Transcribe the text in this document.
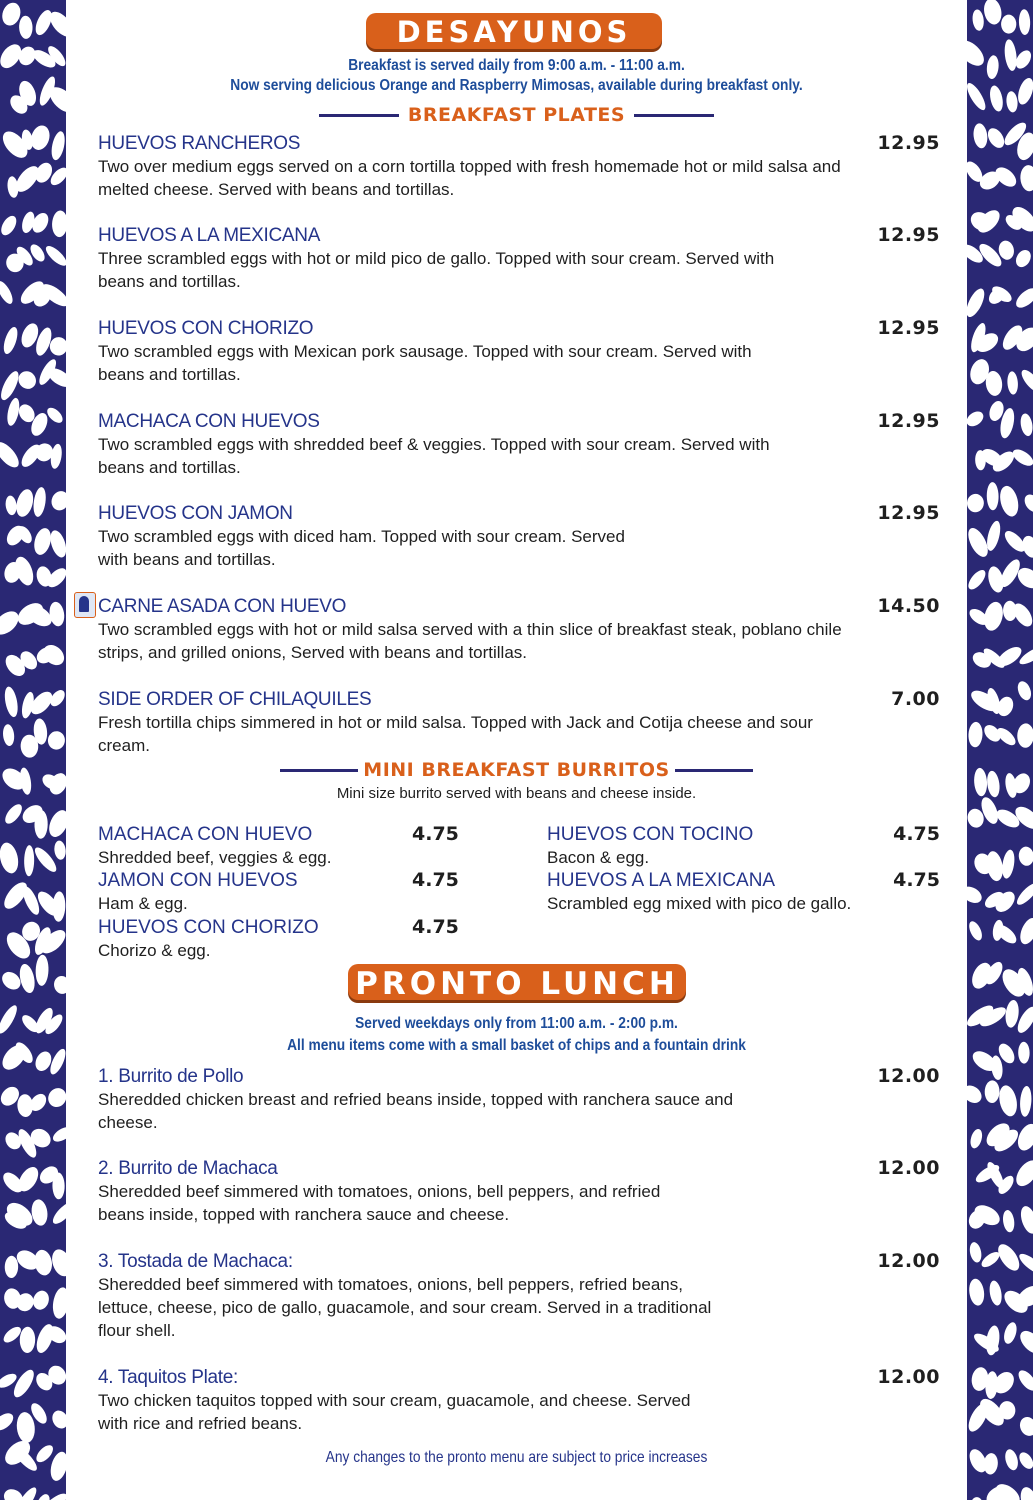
DESAYUNOS
Breakfast is served daily from 9:00 a.m. - 11:00 a.m.
Now serving delicious Orange and Raspberry Mimosas, available during breakfast only.
BREAKFAST PLATES
HUEVOS RANCHEROS	12.95
Two over medium eggs served on a corn tortilla topped with fresh homemade hot or mild salsa and melted cheese. Served with beans and tortillas.
HUEVOS A LA MEXICANA	12.95
Three scrambled eggs with hot or mild pico de gallo. Topped with sour cream. Served with beans and tortillas.
HUEVOS CON CHORIZO	12.95
Two scrambled eggs with Mexican pork sausage. Topped with sour cream. Served with beans and tortillas.
MACHACA CON HUEVOS	12.95
Two scrambled eggs with shredded beef & veggies. Topped with sour cream. Served with beans and tortillas.
HUEVOS CON JAMON	12.95
Two scrambled eggs with diced ham. Topped with sour cream. Served with beans and tortillas.
CARNE ASADA CON HUEVO	14.50
Two scrambled eggs with hot or mild salsa served with a thin slice of breakfast steak, poblano chile strips, and grilled onions, Served with beans and tortillas.
SIDE ORDER OF CHILAQUILES	7.00
Fresh tortilla chips simmered in hot or mild salsa. Topped with Jack and Cotija cheese and sour cream.
MINI BREAKFAST BURRITOS
Mini size burrito served with beans and cheese inside.
MACHACA CON HUEVO	4.75
Shredded beef, veggies & egg.
JAMON CON HUEVOS	4.75
Ham & egg.
HUEVOS CON CHORIZO	4.75
Chorizo & egg.
HUEVOS CON TOCINO	4.75
Bacon & egg.
HUEVOS A LA MEXICANA	4.75
Scrambled egg mixed with pico de gallo.
PRONTO LUNCH
Served weekdays only from 11:00 a.m. - 2:00 p.m.
All menu items come with a small basket of chips and a fountain drink
1. Burrito de Pollo	12.00
Sheredded chicken breast and refried beans inside, topped with ranchera sauce and cheese.
2. Burrito de Machaca	12.00
Sheredded beef simmered with tomatoes, onions, bell peppers, and refried beans inside, topped with ranchera sauce and cheese.
3. Tostada de Machaca:	12.00
Sheredded beef simmered with tomatoes, onions, bell peppers, refried beans, lettuce, cheese, pico de gallo, guacamole, and sour cream. Served in a traditional flour shell.
4. Taquitos Plate:	12.00
Two chicken taquitos topped with sour cream, guacamole, and cheese. Served with rice and refried beans.
Any changes to the pronto menu are subject to price increases
